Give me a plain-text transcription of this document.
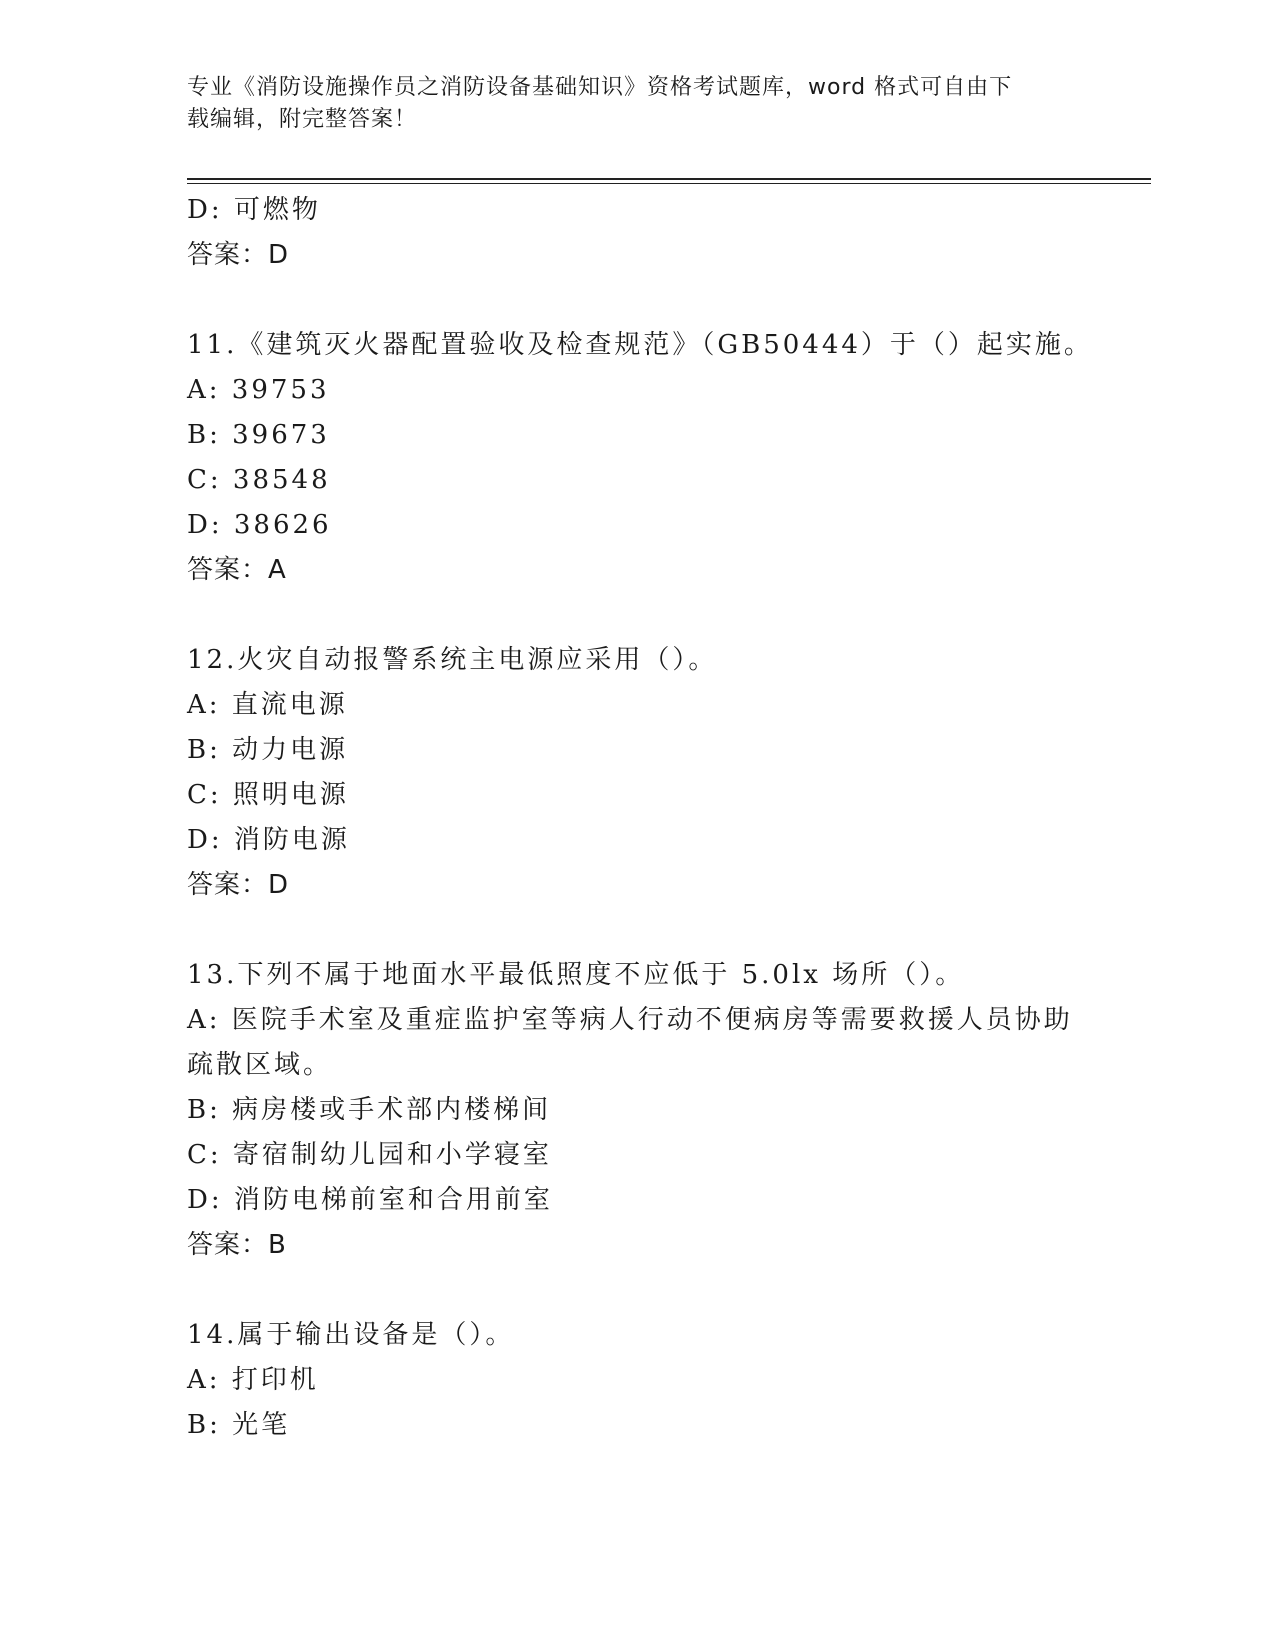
专业《消防设施操作员之消防设备基础知识》资格考试题库，word 格式可自由下
载编辑，附完整答案！
D: 可燃物
答案：D
11.《建筑灭火器配置验收及检查规范》（GB50444）于（）起实施。
A: 39753
B: 39673
C: 38548
D: 38626
答案：A
12.火灾自动报警系统主电源应采用（）。
A: 直流电源
B: 动力电源
C: 照明电源
D: 消防电源
答案：D
13.下列不属于地面水平最低照度不应低于 5.0lx 场所（）。
A: 医院手术室及重症监护室等病人行动不便病房等需要救援人员协助
疏散区域。
B: 病房楼或手术部内楼梯间
C: 寄宿制幼儿园和小学寝室
D: 消防电梯前室和合用前室
答案：B
14.属于输出设备是（）。
A: 打印机
B: 光笔
